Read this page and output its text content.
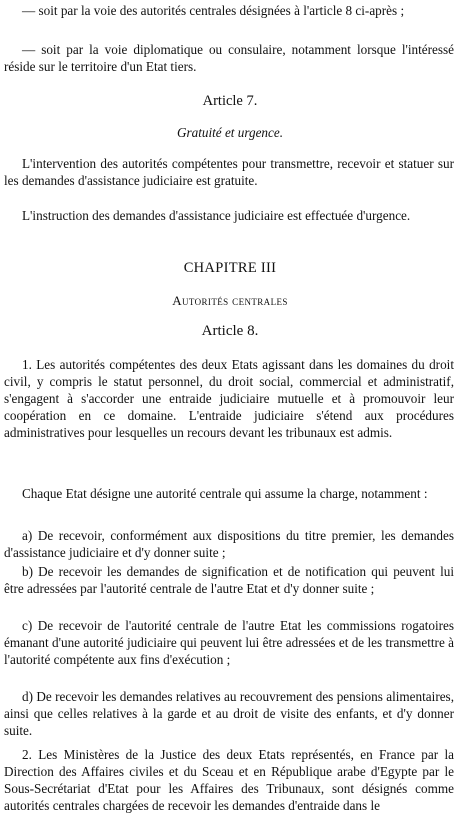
— soit par la voie des autorités centrales désignées à l'article 8 ci-après ;

— soit par la voie diplomatique ou consulaire, notamment lorsque l'intéressé réside sur le territoire d'un Etat tiers.

Article 7.

Gratuité et urgence.

L'intervention des autorités compétentes pour transmettre, recevoir et statuer sur les demandes d'assistance judiciaire est gratuite.

L'instruction des demandes d'assistance judiciaire est effectuée d'urgence.

CHAPITRE III

Autorités centrales

Article 8.

1. Les autorités compétentes des deux Etats agissant dans les domaines du droit civil, y compris le statut personnel, du droit social, commercial et administratif, s'engagent à s'accorder une entraide judiciaire mutuelle et à promouvoir leur coopération en ce domaine. L'entraide judiciaire s'étend aux procédures administratives pour lesquelles un recours devant les tribunaux est admis.

Chaque Etat désigne une autorité centrale qui assume la charge, notamment :

a) De recevoir, conformément aux dispositions du titre premier, les demandes d'assistance judiciaire et d'y donner suite ;

b) De recevoir les demandes de signification et de notification qui peuvent lui être adressées par l'autorité centrale de l'autre Etat et d'y donner suite ;

c) De recevoir de l'autorité centrale de l'autre Etat les commissions rogatoires émanant d'une autorité judiciaire qui peuvent lui être adressées et de les transmettre à l'autorité compétente aux fins d'exécution ;

d) De recevoir les demandes relatives au recouvrement des pensions alimentaires, ainsi que celles relatives à la garde et au droit de visite des enfants, et d'y donner suite.

2. Les Ministères de la Justice des deux Etats représentés, en France par la Direction des Affaires civiles et du Sceau et en République arabe d'Egypte par le Sous-Secrétariat d'Etat pour les Affaires des Tribunaux, sont désignés comme autorités centrales chargées de recevoir les demandes d'entraide dans le
